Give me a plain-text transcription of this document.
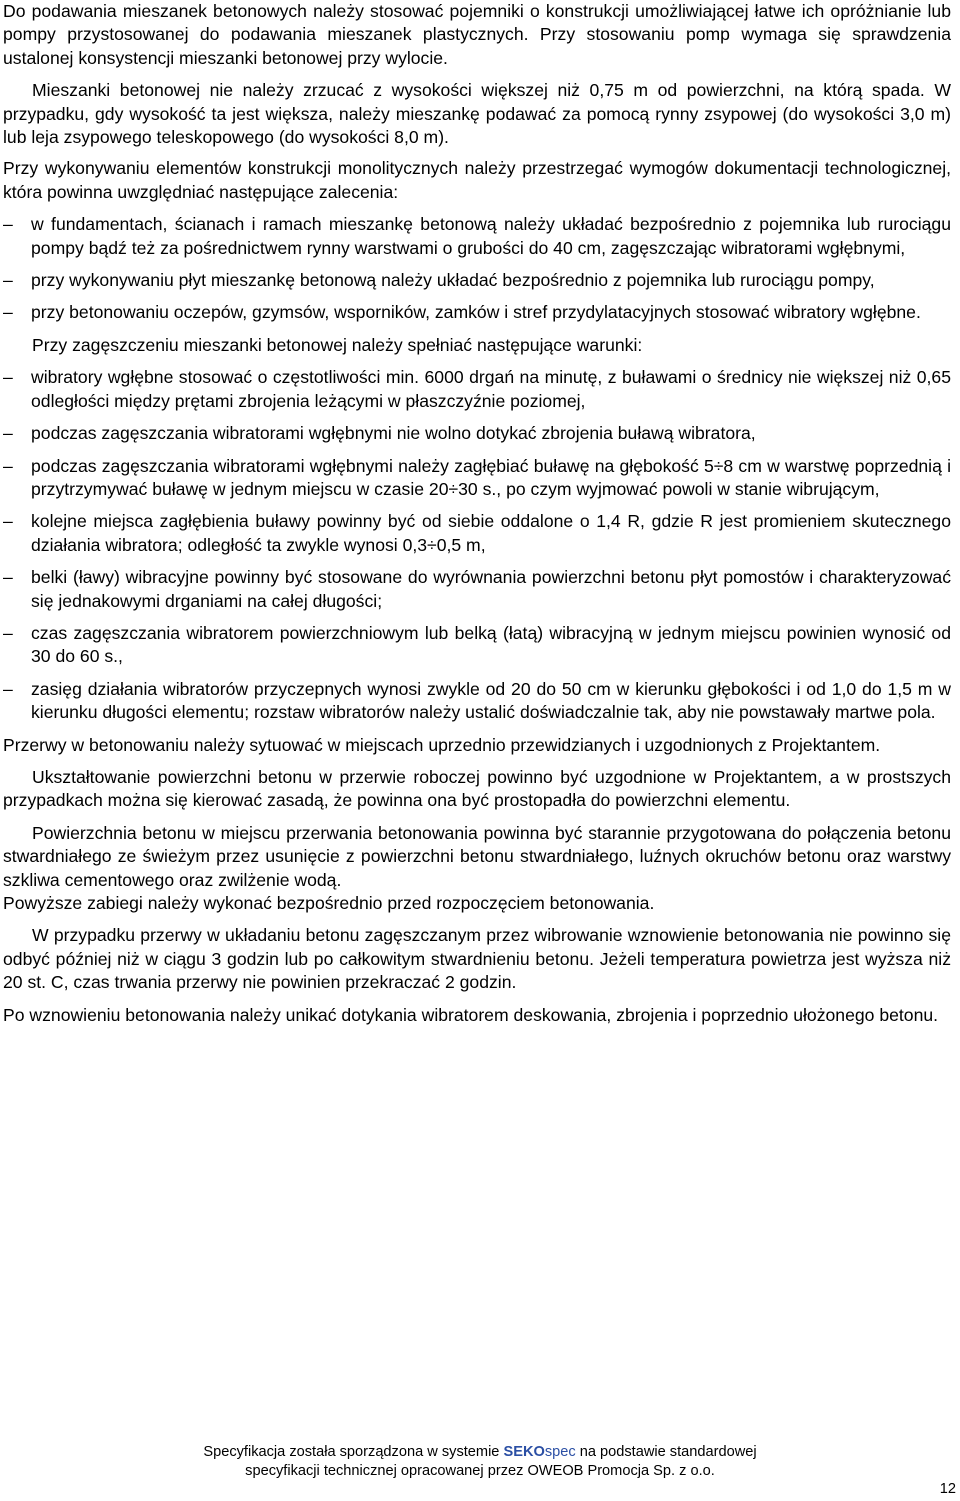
Do podawania mieszanek betonowych należy stosować pojemniki o konstrukcji umożliwiającej łatwe ich opróżnianie lub pompy przystosowanej do podawania mieszanek plastycznych. Przy stosowaniu pomp wymaga się sprawdzenia ustalonej konsystencji mieszanki betonowej przy wylocie.

Mieszanki betonowej nie należy zrzucać z wysokości większej niż 0,75 m od powierzchni, na którą spada. W przypadku, gdy wysokość ta jest większa, należy mieszankę podawać za pomocą rynny zsypowej (do wysokości 3,0 m) lub leja zsypowego teleskopowego (do wysokości 8,0 m).

Przy wykonywaniu elementów konstrukcji monolitycznych należy przestrzegać wymogów dokumentacji technologicznej, która powinna uwzględniać następujące zalecenia:

– w fundamentach, ścianach i ramach mieszankę betonową należy układać bezpośrednio z pojemnika lub rurociągu pompy bądź też za pośrednictwem rynny warstwami o grubości do 40 cm, zagęszczając wibratorami wgłębnymi,

– przy wykonywaniu płyt mieszankę betonową należy układać bezpośrednio z pojemnika lub rurociągu pompy,

– przy betonowaniu oczepów, gzymsów, wsporników, zamków i stref przydylatacyjnych stosować wibratory wgłębne.

Przy zagęszczeniu mieszanki betonowej należy spełniać następujące warunki:

– wibratory wgłębne stosować o częstotliwości min. 6000 drgań na minutę, z buławami o średnicy nie większej niż 0,65 odległości między prętami zbrojenia leżącymi w płaszczyźnie poziomej,

– podczas zagęszczania wibratorami wgłębnymi nie wolno dotykać zbrojenia buławą wibratora,

– podczas zagęszczania wibratorami wgłębnymi należy zagłębiać buławę na głębokość 5÷8 cm w warstwę poprzednią i przytrzymywać buławę w jednym miejscu w czasie 20÷30 s., po czym wyjmować powoli w stanie wibrującym,

– kolejne miejsca zagłębienia buławy powinny być od siebie oddalone o 1,4 R, gdzie R jest promieniem skutecznego działania wibratora; odległość ta zwykle wynosi 0,3÷0,5 m,

– belki (ławy) wibracyjne powinny być stosowane do wyrównania powierzchni betonu płyt pomostów i charakteryzować się jednakowymi drganiami na całej długości;

– czas zagęszczania wibratorem powierzchniowym lub belką (łatą) wibracyjną w jednym miejscu powinien wynosić od 30 do 60 s.,

– zasięg działania wibratorów przyczepnych wynosi zwykle od 20 do 50 cm w kierunku głębokości i od 1,0 do 1,5 m w kierunku długości elementu; rozstaw wibratorów należy ustalić doświadczalnie tak, aby nie powstawały martwe pola.

Przerwy w betonowaniu należy sytuować w miejscach uprzednio przewidzianych i uzgodnionych z Projektantem.

Ukształtowanie powierzchni betonu w przerwie roboczej powinno być uzgodnione w Projektantem, a w prostszych przypadkach można się kierować zasadą, że powinna ona być prostopadła do powierzchni elementu.

Powierzchnia betonu w miejscu przerwania betonowania powinna być starannie przygotowana do połączenia betonu stwardniałego ze świeżym przez usunięcie z powierzchni betonu stwardniałego, luźnych okruchów betonu oraz warstwy szkliwa cementowego oraz zwilżenie wodą.

Powyższe zabiegi należy wykonać bezpośrednio przed rozpoczęciem betonowania.

W przypadku przerwy w układaniu betonu zagęszczanym przez wibrowanie wznowienie betonowania nie powinno się odbyć później niż w ciągu 3 godzin lub po całkowitym stwardnieniu betonu. Jeżeli temperatura powietrza jest wyższa niż 20 st. C, czas trwania przerwy nie powinien przekraczać 2 godzin.

Po wznowieniu betonowania należy unikać dotykania wibratorem deskowania, zbrojenia i poprzednio ułożonego betonu.

Specyfikacja została sporządzona w systemie SEKOspec na podstawie standardowej
specyfikacji technicznej opracowanej przez OWEOB Promocja Sp. z o.o.
12
